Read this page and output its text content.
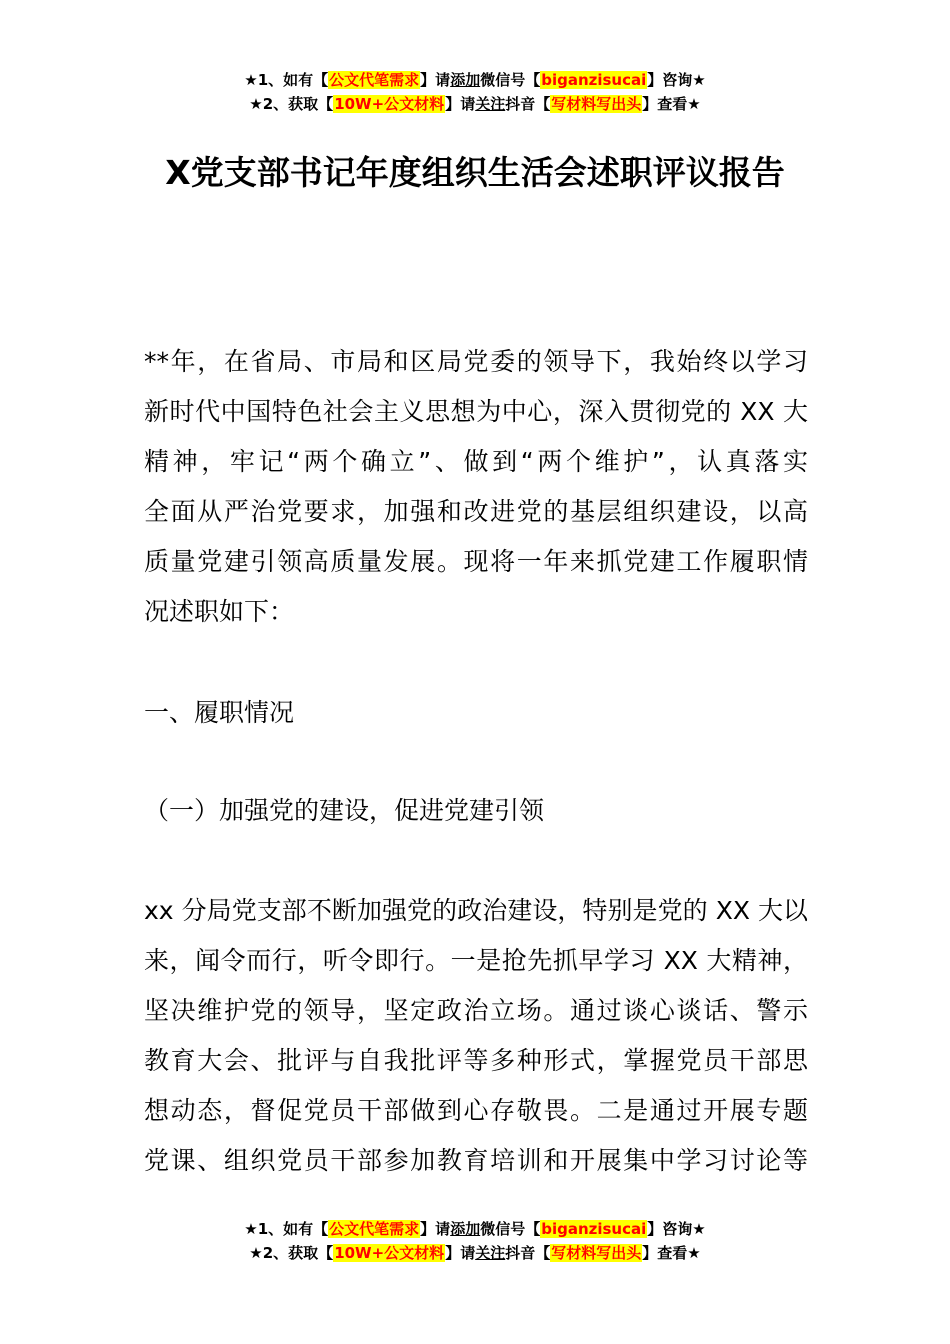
★1、如有【公文代笔需求】请添加微信号【biganzisucai】咨询★
★2、获取【10W+公文材料】请关注抖音【写材料写出头】查看★
X党支部书记年度组织生活会述职评议报告
**年，在省局、市局和区局党委的领导下，我始终以学习
新时代中国特色社会主义思想为中心，深入贯彻党的 XX 大
精神，牢记“两个确立”、做到“两个维护”，认真落实
全面从严治党要求，加强和改进党的基层组织建设，以高
质量党建引领高质量发展。现将一年来抓党建工作履职情
况述职如下：
一、履职情况
（一）加强党的建设，促进党建引领
xx 分局党支部不断加强党的政治建设，特别是党的 XX 大以
来，闻令而行，听令即行。一是抢先抓早学习 XX 大精神，
坚决维护党的领导，坚定政治立场。通过谈心谈话、警示
教育大会、批评与自我批评等多种形式，掌握党员干部思
想动态，督促党员干部做到心存敬畏。二是通过开展专题
党课、组织党员干部参加教育培训和开展集中学习讨论等
★1、如有【公文代笔需求】请添加微信号【biganzisucai】咨询★
★2、获取【10W+公文材料】请关注抖音【写材料写出头】查看★
